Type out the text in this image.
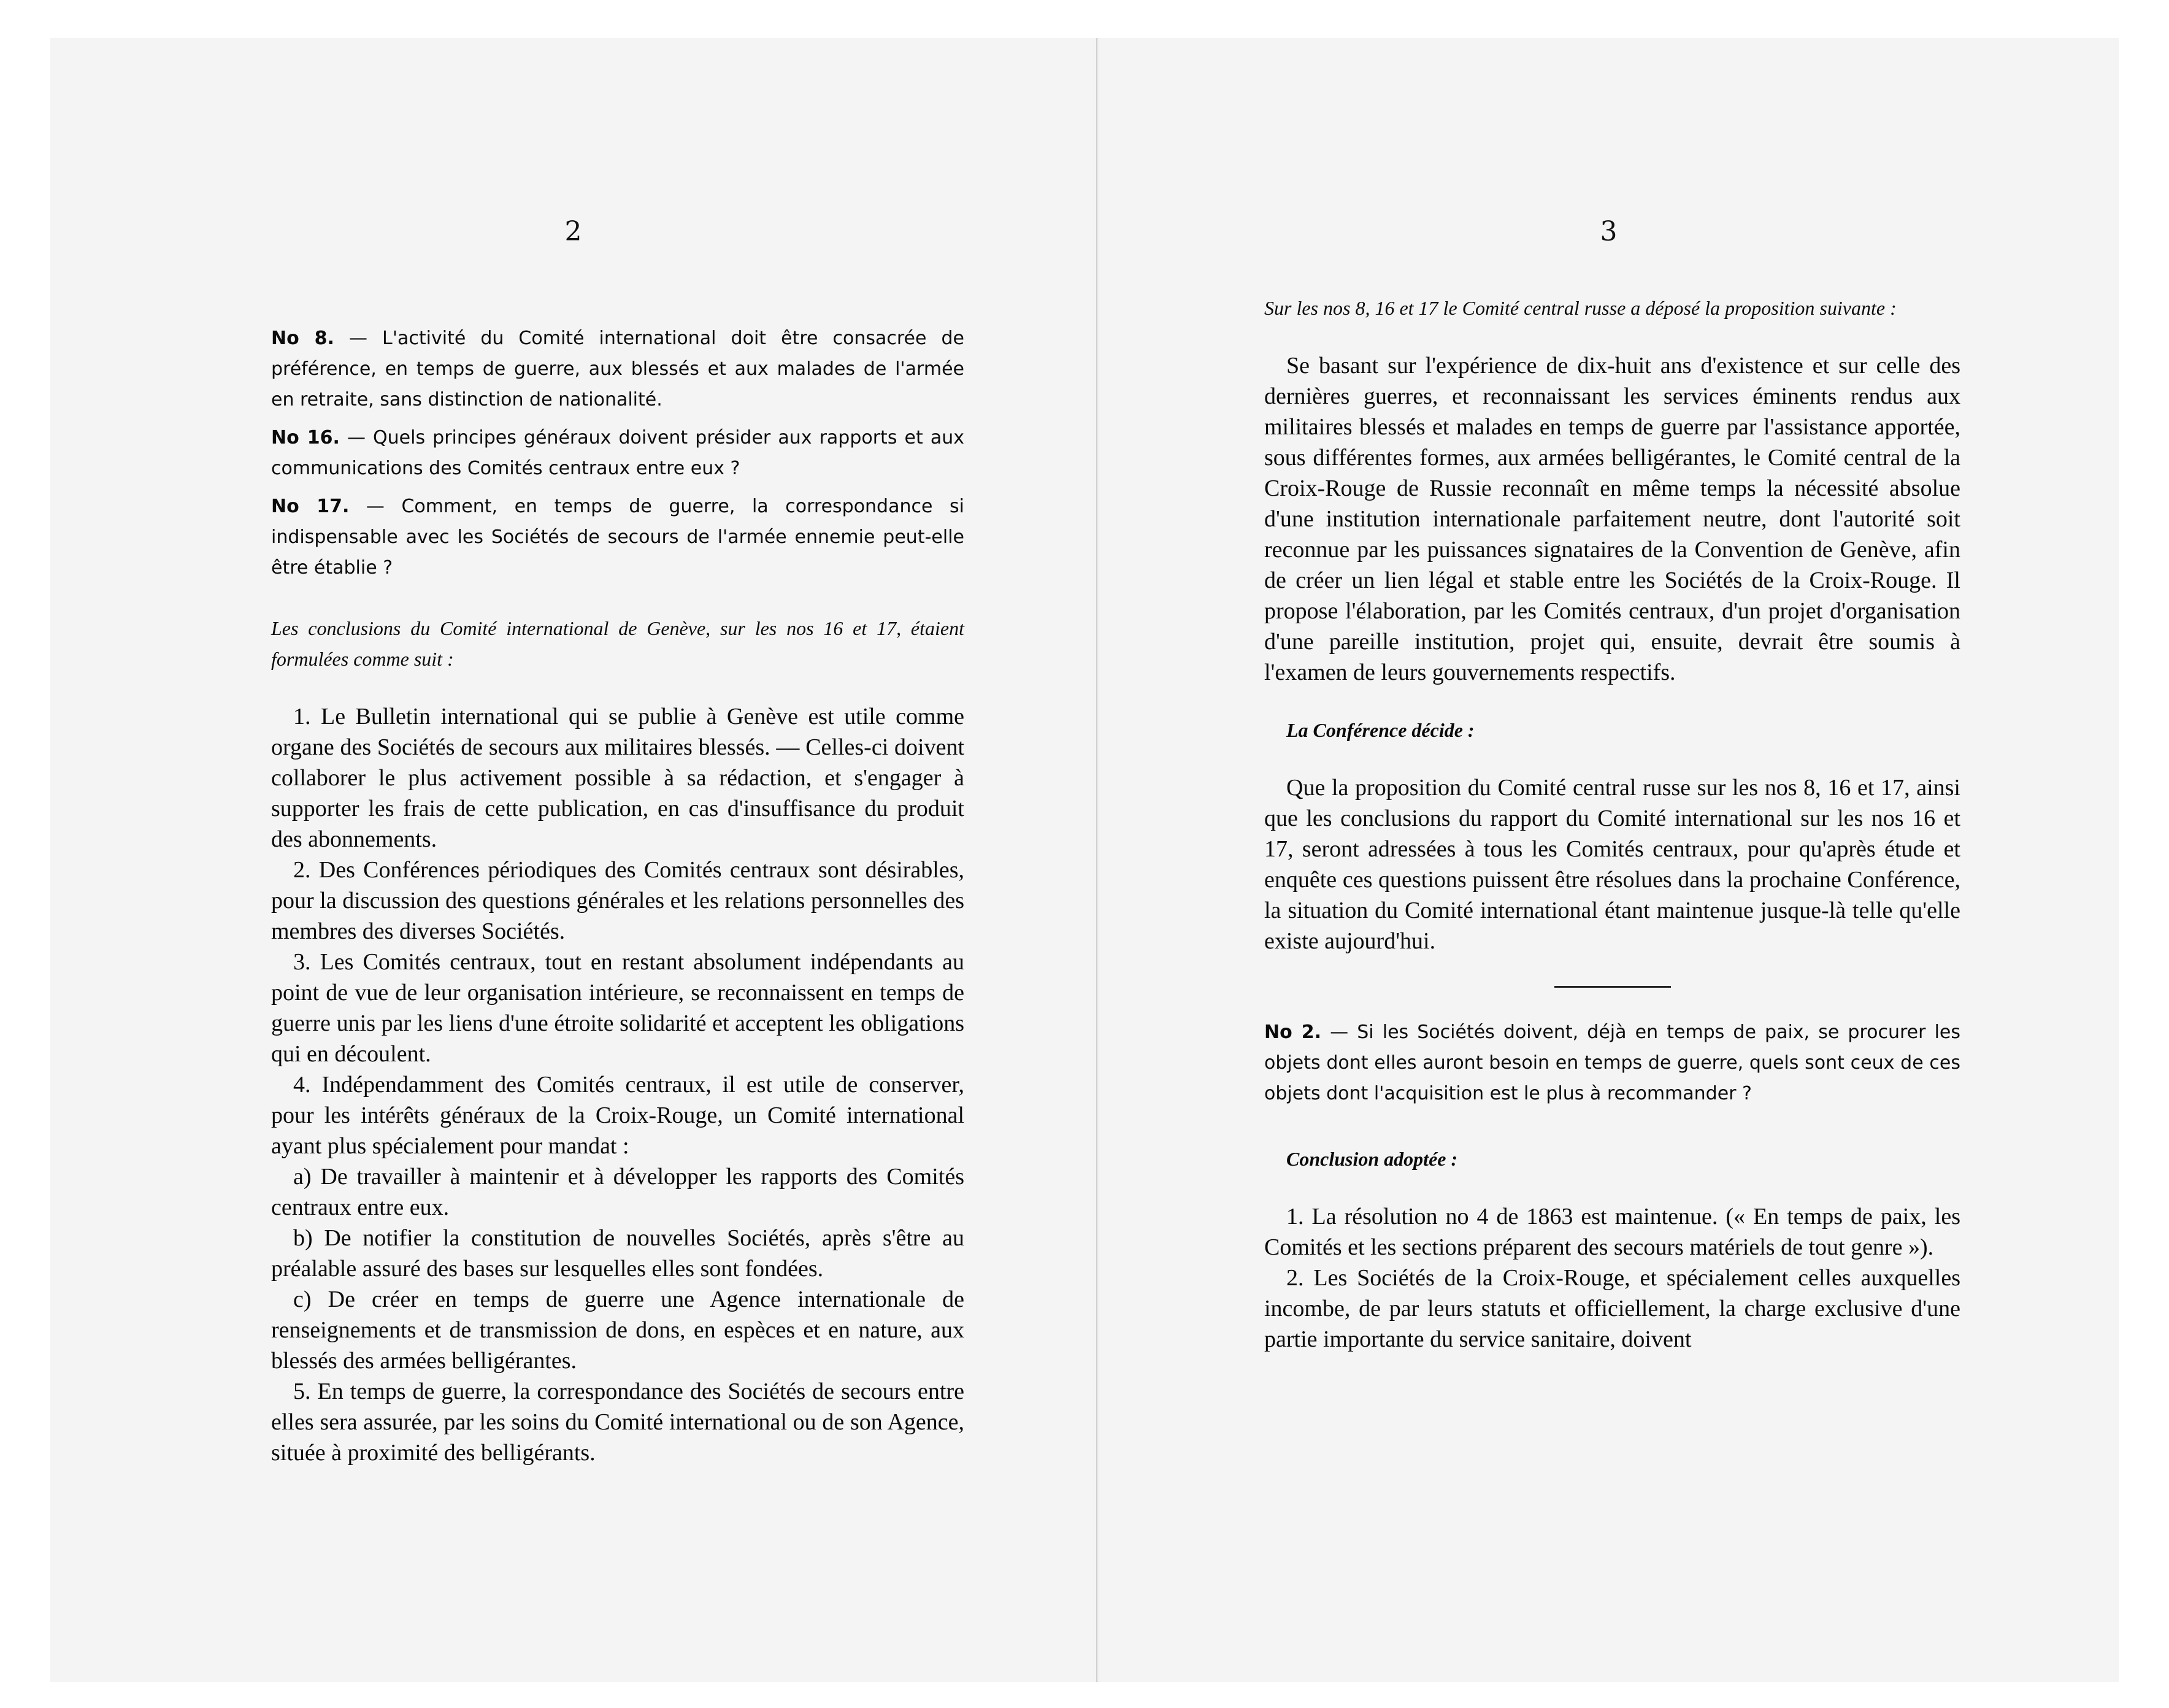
2

No 8. — L'activité du Comité international doit être consacrée de préférence, en temps de guerre, aux blessés et aux malades de l'armée en retraite, sans distinction de nationalité.

No 16. — Quels principes généraux doivent présider aux rapports et aux communications des Comités centraux entre eux ?

No 17. — Comment, en temps de guerre, la correspondance si indispensable avec les Sociétés de secours de l'armée ennemie peut-elle être établie ?

Les conclusions du Comité international de Genève, sur les nos 16 et 17, étaient formulées comme suit :

1. Le Bulletin international qui se publie à Genève est utile comme organe des Sociétés de secours aux militaires blessés. — Celles-ci doivent collaborer le plus activement possible à sa rédaction, et s'engager à supporter les frais de cette publication, en cas d'insuffisance du produit des abonnements.

2. Des Conférences périodiques des Comités centraux sont désirables, pour la discussion des questions générales et les relations personnelles des membres des diverses Sociétés.

3. Les Comités centraux, tout en restant absolument indépendants au point de vue de leur organisation intérieure, se reconnaissent en temps de guerre unis par les liens d'une étroite solidarité et acceptent les obligations qui en découlent.

4. Indépendamment des Comités centraux, il est utile de conserver, pour les intérêts généraux de la Croix-Rouge, un Comité international ayant plus spécialement pour mandat :

a) De travailler à maintenir et à développer les rapports des Comités centraux entre eux.

b) De notifier la constitution de nouvelles Sociétés, après s'être au préalable assuré des bases sur lesquelles elles sont fondées.

c) De créer en temps de guerre une Agence internationale de renseignements et de transmission de dons, en espèces et en nature, aux blessés des armées belligérantes.

5. En temps de guerre, la correspondance des Sociétés de secours entre elles sera assurée, par les soins du Comité international ou de son Agence, située à proximité des belligérants.

3

Sur les nos 8, 16 et 17 le Comité central russe a déposé la proposition suivante :

Se basant sur l'expérience de dix-huit ans d'existence et sur celle des dernières guerres, et reconnaissant les services éminents rendus aux militaires blessés et malades en temps de guerre par l'assistance apportée, sous différentes formes, aux armées belligérantes, le Comité central de la Croix-Rouge de Russie reconnaît en même temps la nécessité absolue d'une institution internationale parfaitement neutre, dont l'autorité soit reconnue par les puissances signataires de la Convention de Genève, afin de créer un lien légal et stable entre les Sociétés de la Croix-Rouge. Il propose l'élaboration, par les Comités centraux, d'un projet d'organisation d'une pareille institution, projet qui, ensuite, devrait être soumis à l'examen de leurs gouvernements respectifs.

La Conférence décide :

Que la proposition du Comité central russe sur les nos 8, 16 et 17, ainsi que les conclusions du rapport du Comité international sur les nos 16 et 17, seront adressées à tous les Comités centraux, pour qu'après étude et enquête ces questions puissent être résolues dans la prochaine Conférence, la situation du Comité international étant maintenue jusque-là telle qu'elle existe aujourd'hui.

No 2. — Si les Sociétés doivent, déjà en temps de paix, se procurer les objets dont elles auront besoin en temps de guerre, quels sont ceux de ces objets dont l'acquisition est le plus à recommander ?

Conclusion adoptée :

1. La résolution no 4 de 1863 est maintenue. (« En temps de paix, les Comités et les sections préparent des secours matériels de tout genre »).

2. Les Sociétés de la Croix-Rouge, et spécialement celles auxquelles incombe, de par leurs statuts et officiellement, la charge exclusive d'une partie importante du service sanitaire, doivent
